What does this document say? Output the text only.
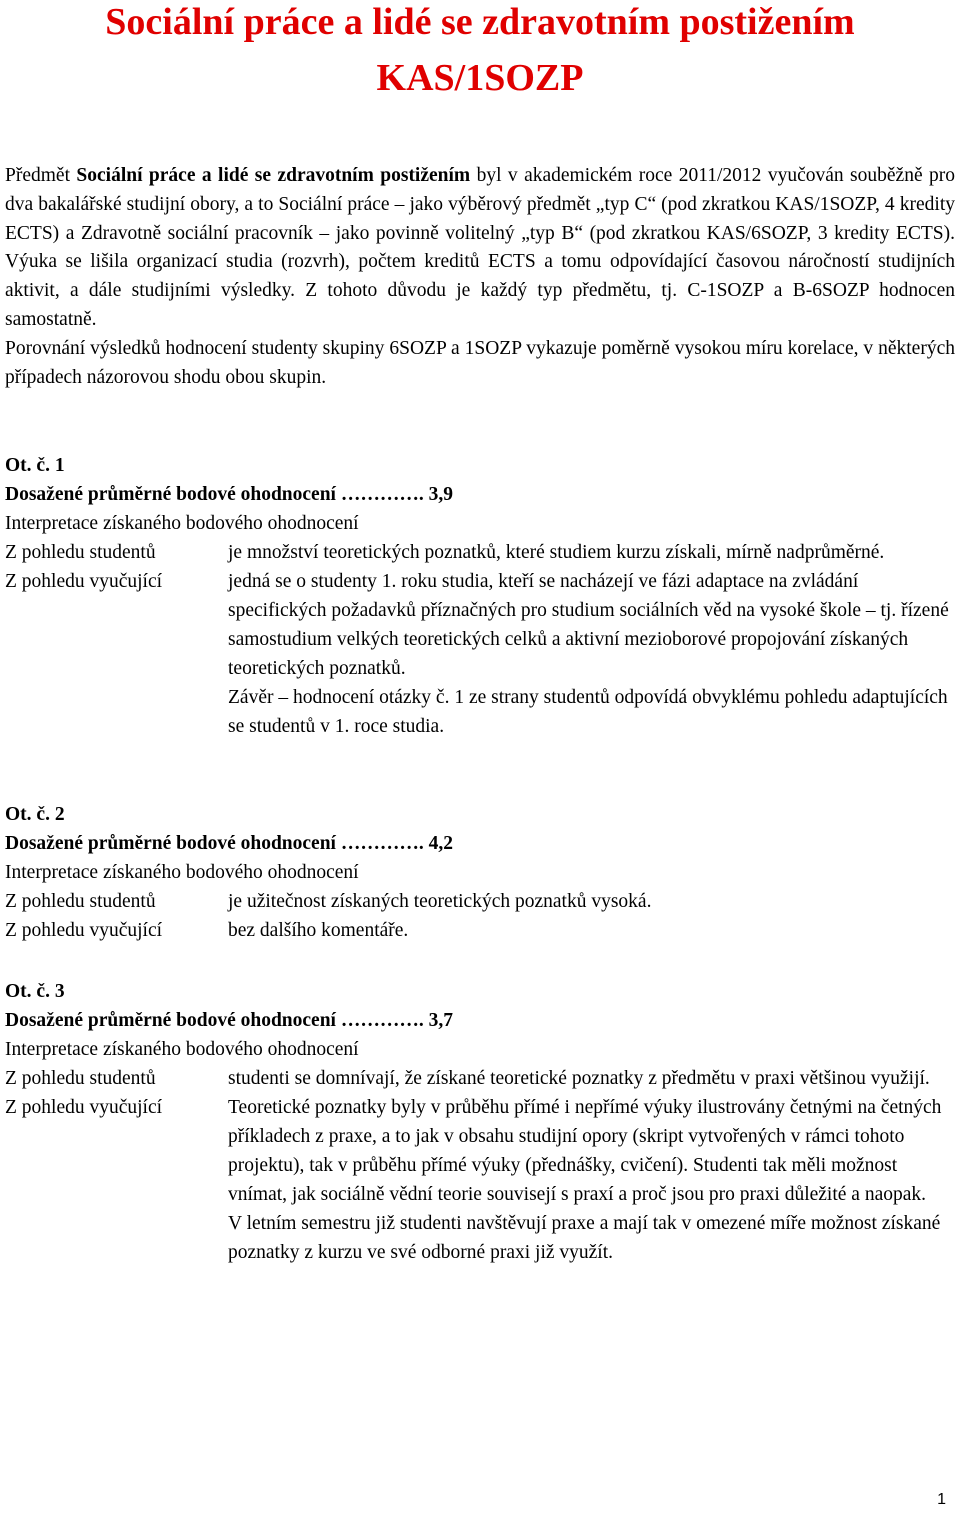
Sociální práce a lidé se zdravotním postižením
KAS/1SOZP

Předmět Sociální práce a lidé se zdravotním postižením byl v akademickém roce 2011/2012 vyučován souběžně pro dva bakalářské studijní obory, a to Sociální práce – jako výběrový předmět „typ C“ (pod zkratkou KAS/1SOZP, 4 kredity ECTS) a Zdravotně sociální pracovník – jako povinně volitelný „typ B“ (pod zkratkou KAS/6SOZP, 3 kredity ECTS). Výuka se lišila organizací studia (rozvrh), počtem kreditů ECTS a tomu odpovídající časovou náročností studijních aktivit, a dále studijními výsledky. Z tohoto důvodu je každý typ předmětu, tj. C-1SOZP a B-6SOZP hodnocen samostatně.

Porovnání výsledků hodnocení studenty skupiny 6SOZP a 1SOZP vykazuje poměrně vysokou míru korelace, v některých případech názorovou shodu obou skupin.

Ot. č. 1
Dosažené průměrné bodové ohodnocení …………. 3,9
Interpretace získaného bodového ohodnocení
Z pohledu studentů	je množství teoretických poznatků, které studiem kurzu získali, mírně nadprůměrné.
Z pohledu vyučující	jedná se o studenty 1. roku studia, kteří se nacházejí ve fázi adaptace na zvládání specifických požadavků příznačných pro studium sociálních věd na vysoké škole – tj. řízené samostudium velkých teoretických celků a aktivní mezioborové propojování získaných teoretických poznatků.
Závěr – hodnocení otázky č. 1 ze strany studentů odpovídá obvyklému pohledu adaptujících se studentů v 1. roce studia.
Ot. č. 2
Dosažené průměrné bodové ohodnocení …………. 4,2
Interpretace získaného bodového ohodnocení
Z pohledu studentů	je užitečnost získaných teoretických poznatků vysoká.
Z pohledu vyučující	bez dalšího komentáře.
Ot. č. 3
Dosažené průměrné bodové ohodnocení …………. 3,7
Interpretace získaného bodového ohodnocení
Z pohledu studentů	studenti se domnívají, že získané teoretické poznatky z předmětu v praxi většinou využijí.
Z pohledu vyučující	Teoretické poznatky byly v průběhu přímé i nepřímé výuky ilustrovány četnými na četných příkladech z praxe, a to jak v obsahu studijní opory (skript vytvořených v rámci tohoto projektu), tak v průběhu přímé výuky (přednášky, cvičení). Studenti tak měli možnost vnímat, jak sociálně vědní teorie souvisejí s praxí a proč jsou pro praxi důležité a naopak.
V letním semestru již studenti navštěvují praxe a mají tak v omezené míře možnost získané poznatky z kurzu ve své odborné praxi již využít.
1
